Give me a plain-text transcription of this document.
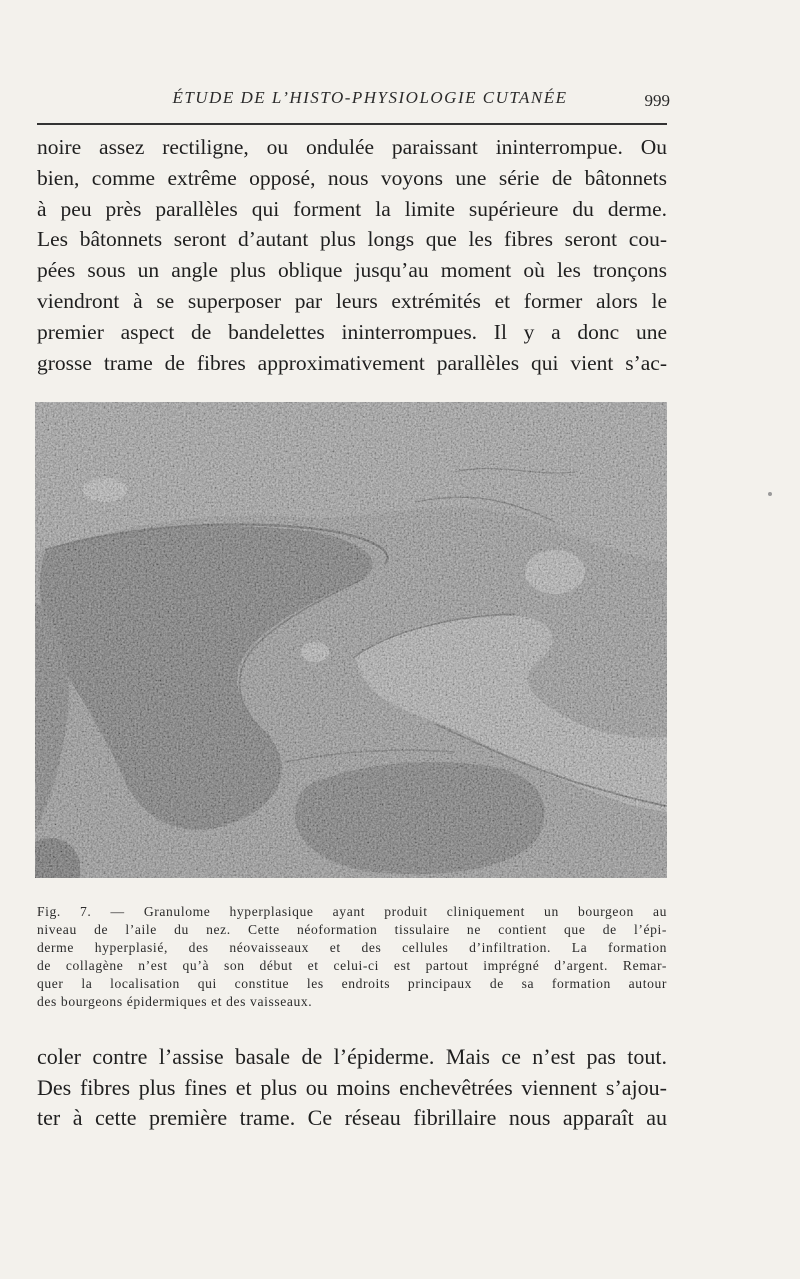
ÉTUDE DE L’HISTO-PHYSIOLOGIE CUTANÉE	999
noire assez rectiligne, ou ondulée paraissant ininterrompue. Ou
bien, comme extrême opposé, nous voyons une série de bâtonnets
à peu près parallèles qui forment la limite supérieure du derme.
Les bâtonnets seront d’autant plus longs que les fibres seront cou-
pées sous un angle plus oblique jusqu’au moment où les tronçons
viendront à se superposer par leurs extrémités et former alors le
premier aspect de bandelettes ininterrompues. Il y a donc une
grosse trame de fibres approximativement parallèles qui vient s’ac-
Fig. 7. — Granulome hyperplasique ayant produit cliniquement un bourgeon au
niveau de l’aile du nez. Cette néoformation tissulaire ne contient que de l’épi-
derme hyperplasié, des néovaisseaux et des cellules d’infiltration. La formation
de collagène n’est qu’à son début et celui-ci est partout imprégné d’argent. Remar-
quer la localisation qui constitue les endroits principaux de sa formation autour
des bourgeons épidermiques et des vaisseaux.
coler contre l’assise basale de l’épiderme. Mais ce n’est pas tout.
Des fibres plus fines et plus ou moins enchevêtrées viennent s’ajou-
ter à cette première trame. Ce réseau fibrillaire nous apparaît au
